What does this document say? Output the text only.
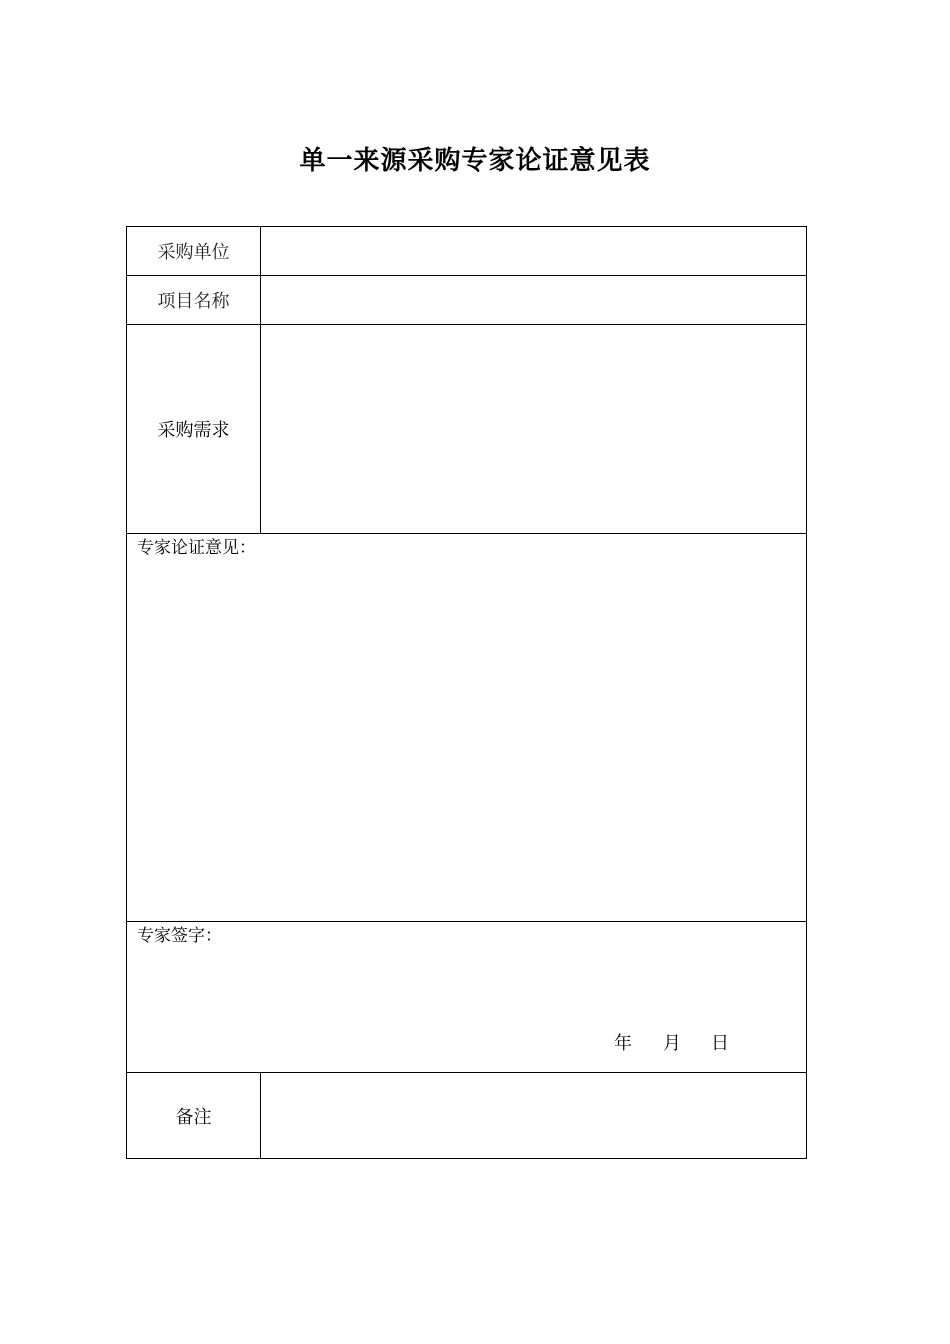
单一来源采购专家论证意见表
采购单位	
项目名称	
采购需求	

专家论证意见：	

专家签字：
年 月 日	

备注	
